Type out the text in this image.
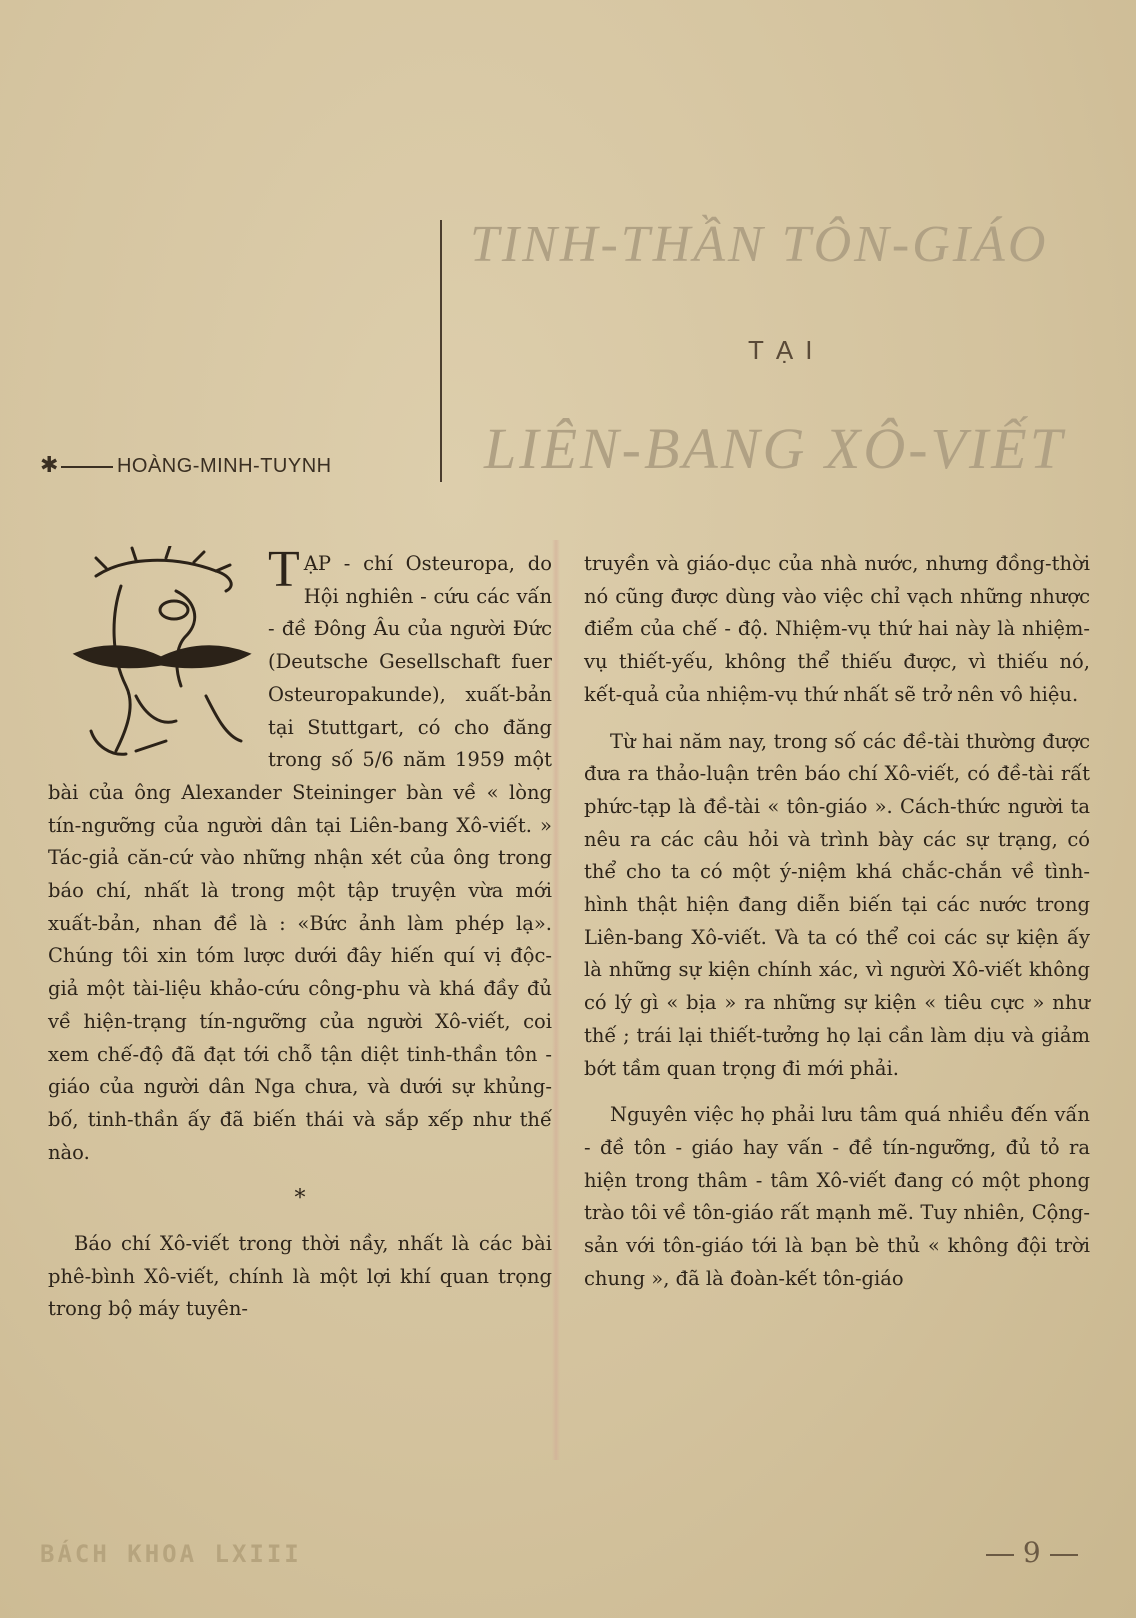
TINH-THẦN TÔN-GIÁO
TẠI
LIÊN-BANG XÔ-VIẾT
✱	HOÀNG-MINH-TUYNH
T ẠP - chí Osteuropa, do Hội nghiên - cứu các vấn - đề Đông Âu của người Đức (Deutsche Gesellschaft fuer Osteuropakunde), xuất-bản tại Stuttgart, có cho đăng trong số 5/6 năm 1959 một bài của ông Alexander Steininger bàn về « lòng tín-ngưỡng của người dân tại Liên-bang Xô-viết. » Tác-giả căn-cứ vào những nhận xét của ông trong báo chí, nhất là trong một tập truyện vừa mới xuất-bản, nhan đề là : «Bức ảnh làm phép lạ». Chúng tôi xin tóm lược dưới đây hiến quí vị độc-giả một tài-liệu khảo-cứu công-phu và khá đầy đủ về hiện-trạng tín-ngưỡng của người Xô-viết, coi xem chế-độ đã đạt tới chỗ tận diệt tinh-thần tôn - giáo của người dân Nga chưa, và dưới sự khủng-bố, tinh-thần ấy đã biến thái và sắp xếp như thế nào.

*

Báo chí Xô-viết trong thời nầy, nhất là các bài phê-bình Xô-viết, chính là một lợi khí quan trọng trong bộ máy tuyên-

truyền và giáo-dục của nhà nước, nhưng đồng-thời nó cũng được dùng vào việc chỉ vạch những nhược điểm của chế - độ. Nhiệm-vụ thứ hai này là nhiệm-vụ thiết-yếu, không thể thiếu được, vì thiếu nó, kết-quả của nhiệm-vụ thứ nhất sẽ trở nên vô hiệu.

Từ hai năm nay, trong số các đề-tài thường được đưa ra thảo-luận trên báo chí Xô-viết, có đề-tài rất phức-tạp là đề-tài « tôn-giáo ». Cách-thức người ta nêu ra các câu hỏi và trình bày các sự trạng, có thể cho ta có một ý-niệm khá chắc-chắn về tình-hình thật hiện đang diễn biến tại các nước trong Liên-bang Xô-viết. Và ta có thể coi các sự kiện ấy là những sự kiện chính xác, vì người Xô-viết không có lý gì « bịa » ra những sự kiện « tiêu cực » như thế ; trái lại thiết-tưởng họ lại cần làm dịu và giảm bớt tầm quan trọng đi mới phải.

Nguyên việc họ phải lưu tâm quá nhiều đến vấn - đề tôn - giáo hay vấn - đề tín-ngưỡng, đủ tỏ ra hiện trong thâm - tâm Xô-viết đang có một phong trào tôi về tôn-giáo rất mạnh mẽ. Tuy nhiên, Cộng-sản với tôn-giáo tới là bạn bè thủ « không đội trời chung », đã là đoàn-kết tôn-giáo

BÁCH KHOA LXIII	9
